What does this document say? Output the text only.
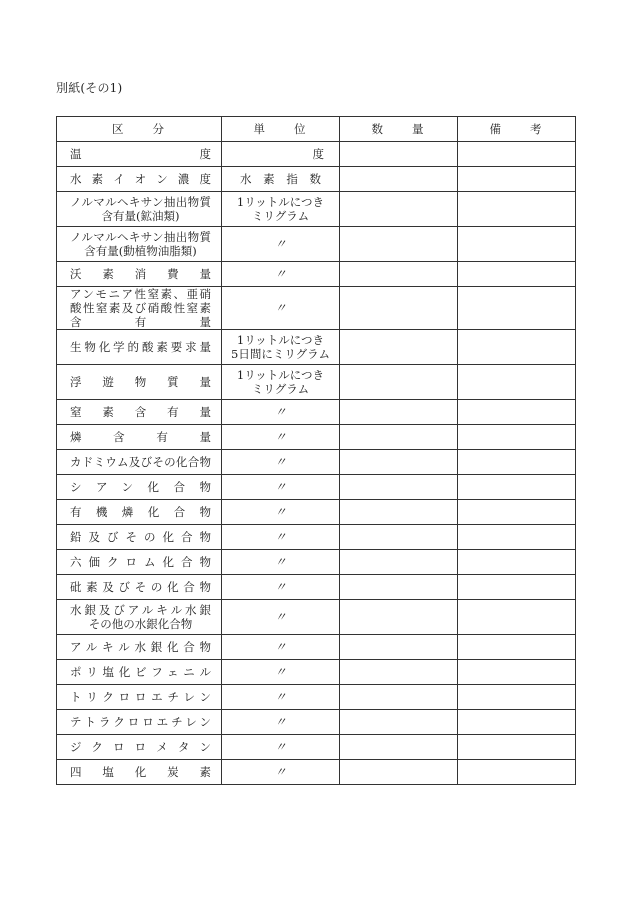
別紙(その1)
区　　分	単　　位	数　　量	備　　考

温　　　　度	度		

水素イオン濃度	水素指数		

ノルマルヘキサン抽出物質
含有量(鉱油類)	1リットルにつき
ミリグラム		

ノルマルヘキサン抽出物質
含有量(動植物油脂類)	〃		

沃素消費量	〃		

アンモニア性窒素、亜硝
酸性窒素及び硝酸性窒素
含有量	〃		

生物化学的酸素要求量	1リットルにつき
5日間にミリグラム		

浮遊物質量	1リットルにつき
ミリグラム		

窒素含有量	〃		

燐含有量	〃		

カドミウム及びその化合物	〃		

シアン化合物	〃		

有機燐化合物	〃		

鉛及びその化合物	〃		

六価クロム化合物	〃		

砒素及びその化合物	〃		

水銀及びアルキル水銀
その他の水銀化合物	〃		

アルキル水銀化合物	〃		

ポリ塩化ビフェニル	〃		

トリクロロエチレン	〃		

テトラクロロエチレン	〃		

ジクロロメタン	〃		

四塩化炭素	〃		
